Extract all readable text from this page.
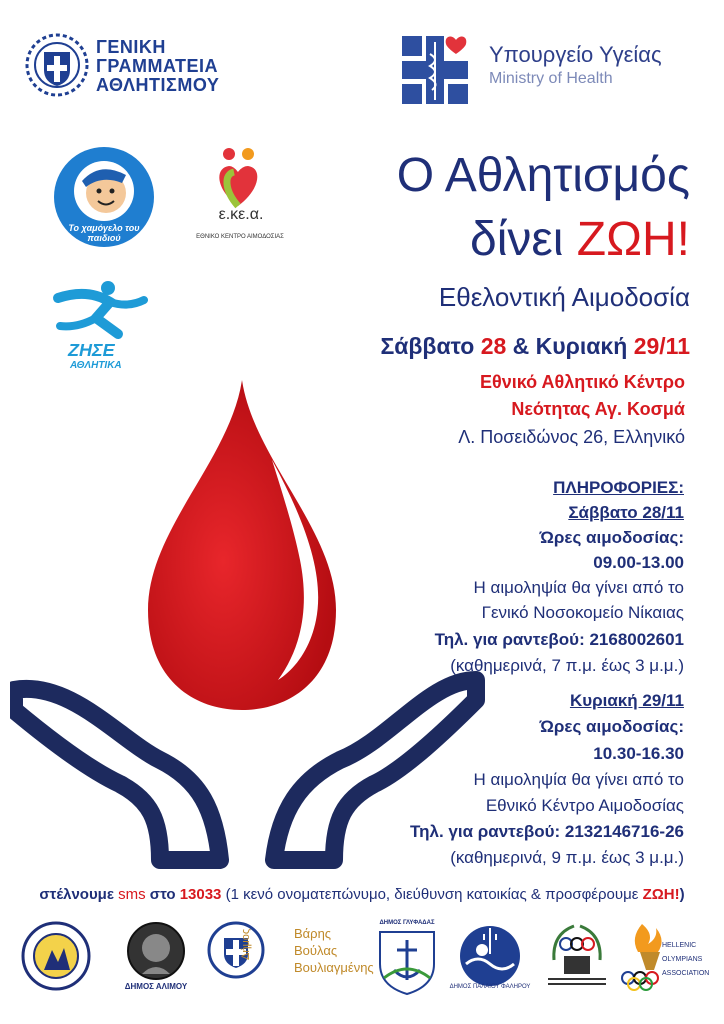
ΓΕΝΙΚΗ
ΓΡΑΜΜΑΤΕΙΑ
ΑΘΛΗΤΙΣΜΟΥ
Υπουργείο Υγείας
Ministry of Health
Το χαμόγελο του παιδιού
ε.κε.α.
ΕΘΝΙΚΟ ΚΕΝΤΡΟ ΑΙΜΟΔΟΣΙΑΣ
ΖΗΣΕ
ΑΘΛΗΤΙΚΑ
Ο Αθλητισμός
δίνει ΖΩΗ!
Εθελοντική Αιμοδοσία
Σάββατο 28 & Κυριακή 29/11
Εθνικό Αθλητικό Κέντρο
Νεότητας Αγ. Κοσμά
Λ. Ποσειδώνος 26, Ελληνικό
ΠΛΗΡΟΦΟΡΙΕΣ:
Σάββατο 28/11
Ώρες αιμοδοσίας:
09.00-13.00
Η αιμοληψία θα γίνει από το
Γενικό Νοσοκομείο Νίκαιας
Τηλ. για ραντεβού: 2168002601
(καθημερινά, 7 π.μ. έως 3 μ.μ.)
Κυριακή 29/11
Ώρες αιμοδοσίας:
10.30-16.30
Η αιμοληψία θα γίνει από το
Εθνικό Κέντρο Αιμοδοσίας
Τηλ. για ραντεβού: 2132146716-26
(καθημερινά, 9 π.μ. έως 3 μ.μ.)
στέλνουμε sms στο 13033 (1 κενό ονοματεπώνυμο, διεύθυνση κατοικίας & προσφέρουμε ΖΩΗ!)
ΔΗΜΟΣ ΑΛΙΜΟΥ
Δήμος	Βάρης
Βούλας
Βουλιαγμένης
ΔΗΜΟΣ ΓΛΥΦΑΔΑΣ
ΔΗΜΟΣ ΠΑΛΑΙΟΥ ΦΑΛΗΡΟΥ
HELLENIC
OLYMPIANS
ASSOCIATION
